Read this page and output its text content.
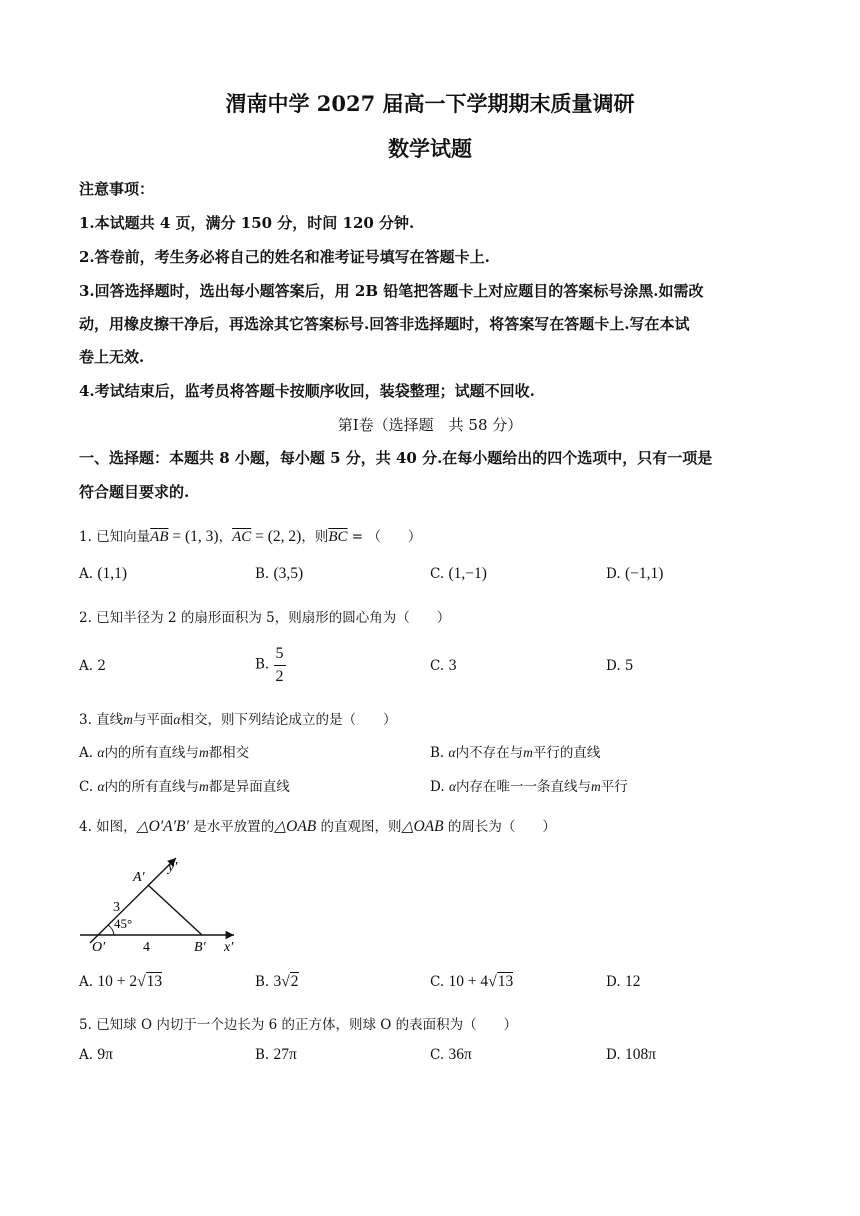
渭南中学 2027 届高一下学期期末质量调研
数学试题
注意事项：
1.本试题共 4 页，满分 150 分，时间 120 分钟.
2.答卷前，考生务必将自己的姓名和准考证号填写在答题卡上.
3.回答选择题时，选出每小题答案后，用 2B 铅笔把答题卡上对应题目的答案标号涂黑.如需改
动，用橡皮擦干净后，再选涂其它答案标号.回答非选择题时，将答案写在答题卡上.写在本试
卷上无效.
4.考试结束后，监考员将答题卡按顺序收回，装袋整理；试题不回收.
第Ⅰ卷（选择题　共 58 分）
一、选择题：本题共 8 小题，每小题 5 分，共 40 分.在每小题给出的四个选项中，只有一项是
符合题目要求的.
1. 已知向量$\overline{AB} = (1$, 3)，$\overline{AC} = (2$, 2)，则$\overline{BC}$ = （　　）
A. (1,1)	B. (3,5)	C. (1,−1)	D. (−1,1)
2. 已知半径为 2 的扇形面积为 5，则扇形的圆心角为（　　）
A. 2	B. $\frac{5}{2}$	C. 3	D. 5
3. 直线m与平面α相交，则下列结论成立的是（　　）
A. α内的所有直线与m都相交	B. α内不存在与m平行的直线
C. α内的所有直线与m都是异面直线	D. α内存在唯一一条直线与m平行
4. 如图，△O′A′B′ 是水平放置的△OAB 的直观图，则△OAB 的周长为（　　）
A′
y′
3
45°
O′	4	B′ x′
A. 10 + 2√13	B. 3√2	C. 10 + 4√13	D. 12
5. 已知球 O 内切于一个边长为 6 的正方体，则球 O 的表面积为（　　）
A. 9π	B. 27π	C. 36π	D. 108π
